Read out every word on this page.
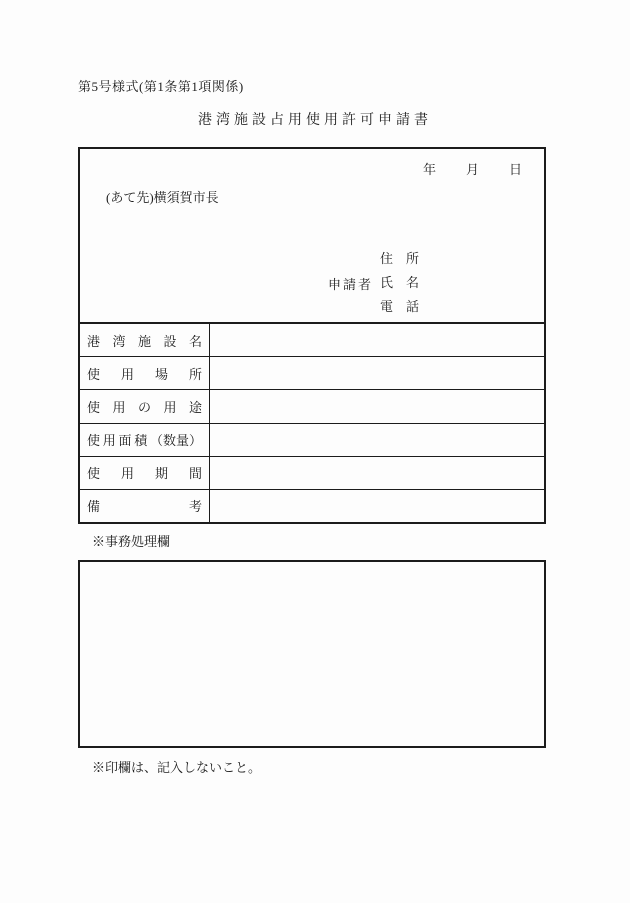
第5号様式(第1条第1項関係)
港湾施設占用使用許可申請書
年 月 日
(あて先)横須賀市長
申請者
住　所
氏　名
電　話
港 湾 施 設 名
使 用 場 所
使 用 の 用 途
使 用 面 積 （数量）
使 用 期 間
備	考
※事務処理欄
※印欄は、記入しないこと。
